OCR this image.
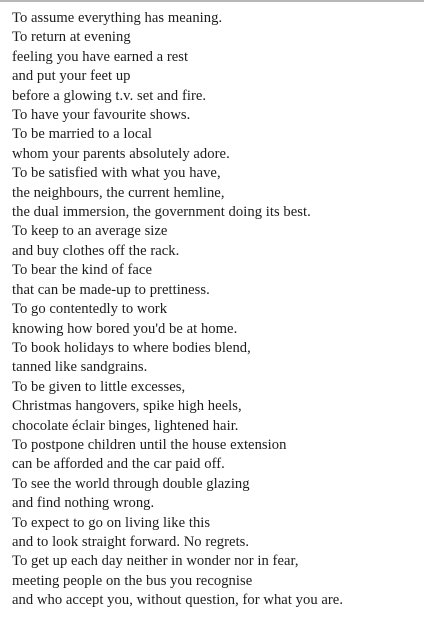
To assume everything has meaning.
To return at evening
feeling you have earned a rest
and put your feet up
before a glowing t.v. set and fire.
To have your favourite shows.
To be married to a local
whom your parents absolutely adore.
To be satisfied with what you have,
the neighbours, the current hemline,
the dual immersion, the government doing its best.
To keep to an average size
and buy clothes off the rack.
To bear the kind of face
that can be made-up to prettiness.
To go contentedly to work
knowing how bored you'd be at home.
To book holidays to where bodies blend,
tanned like sandgrains.
To be given to little excesses,
Christmas hangovers, spike high heels,
chocolate éclair binges, lightened hair.
To postpone children until the house extension
can be afforded and the car paid off.
To see the world through double glazing
and find nothing wrong.
To expect to go on living like this
and to look straight forward. No regrets.
To get up each day neither in wonder nor in fear,
meeting people on the bus you recognise
and who accept you, without question, for what you are.
